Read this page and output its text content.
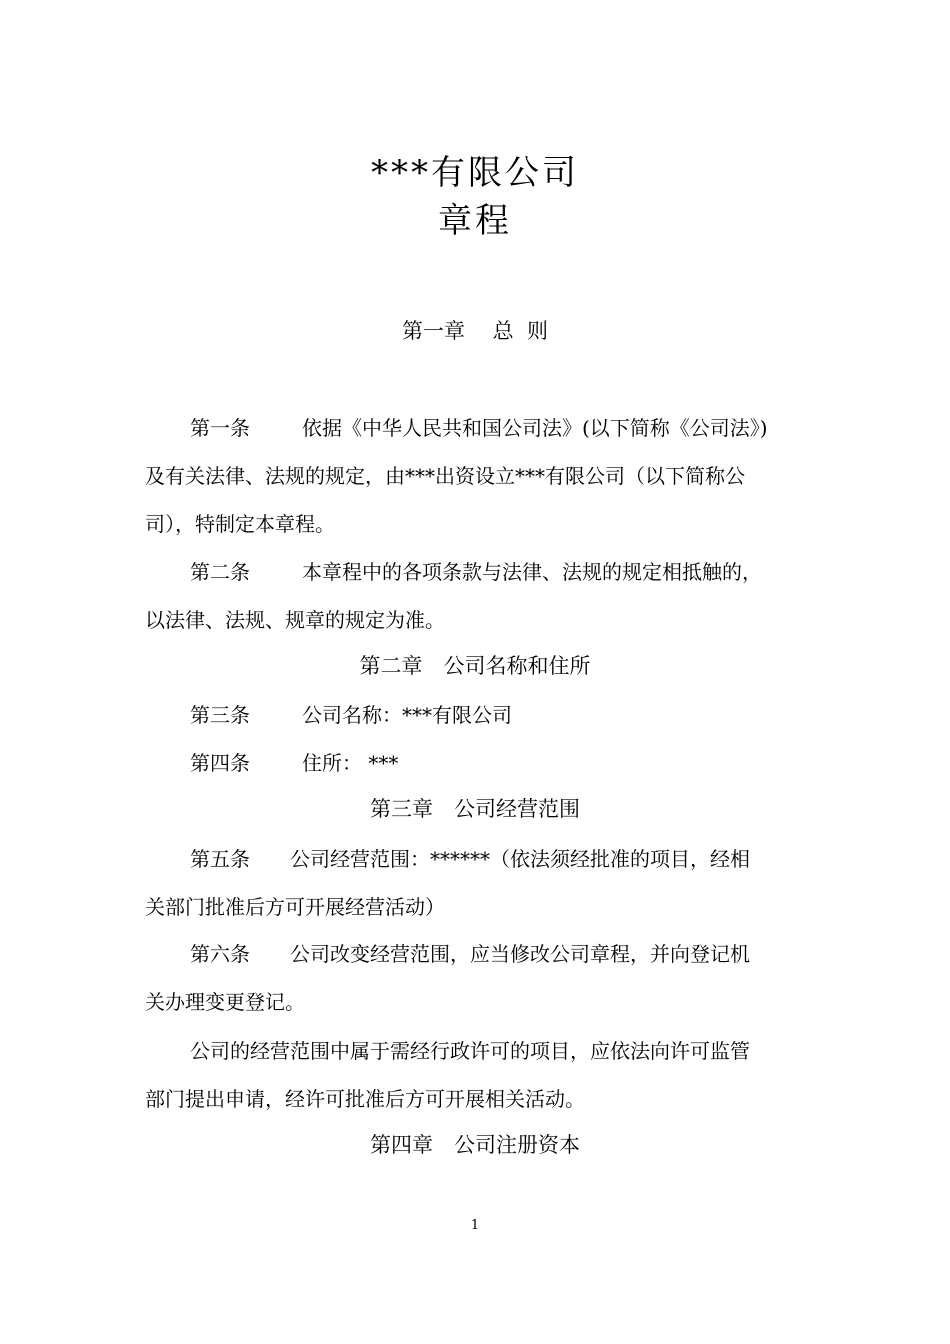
***有限公司
章程
第一章　 总  则
第一条	依据《中华人民共和国公司法》(以下简称《公司法》)
及有关法律、法规的规定，由***出资设立***有限公司（以下简称公
司），特制定本章程。
第二条	本章程中的各项条款与法律、法规的规定相抵触的，
以法律、法规、规章的规定为准。
第二章　公司名称和住所
第三条	公司名称：***有限公司
第四条	住所： ***
第三章　公司经营范围
第五条 公司经营范围：******（依法须经批准的项目，经相
关部门批准后方可开展经营活动）
第六条 公司改变经营范围，应当修改公司章程，并向登记机
关办理变更登记。
公司的经营范围中属于需经行政许可的项目，应依法向许可监管
部门提出申请，经许可批准后方可开展相关活动。
第四章　公司注册资本
1
